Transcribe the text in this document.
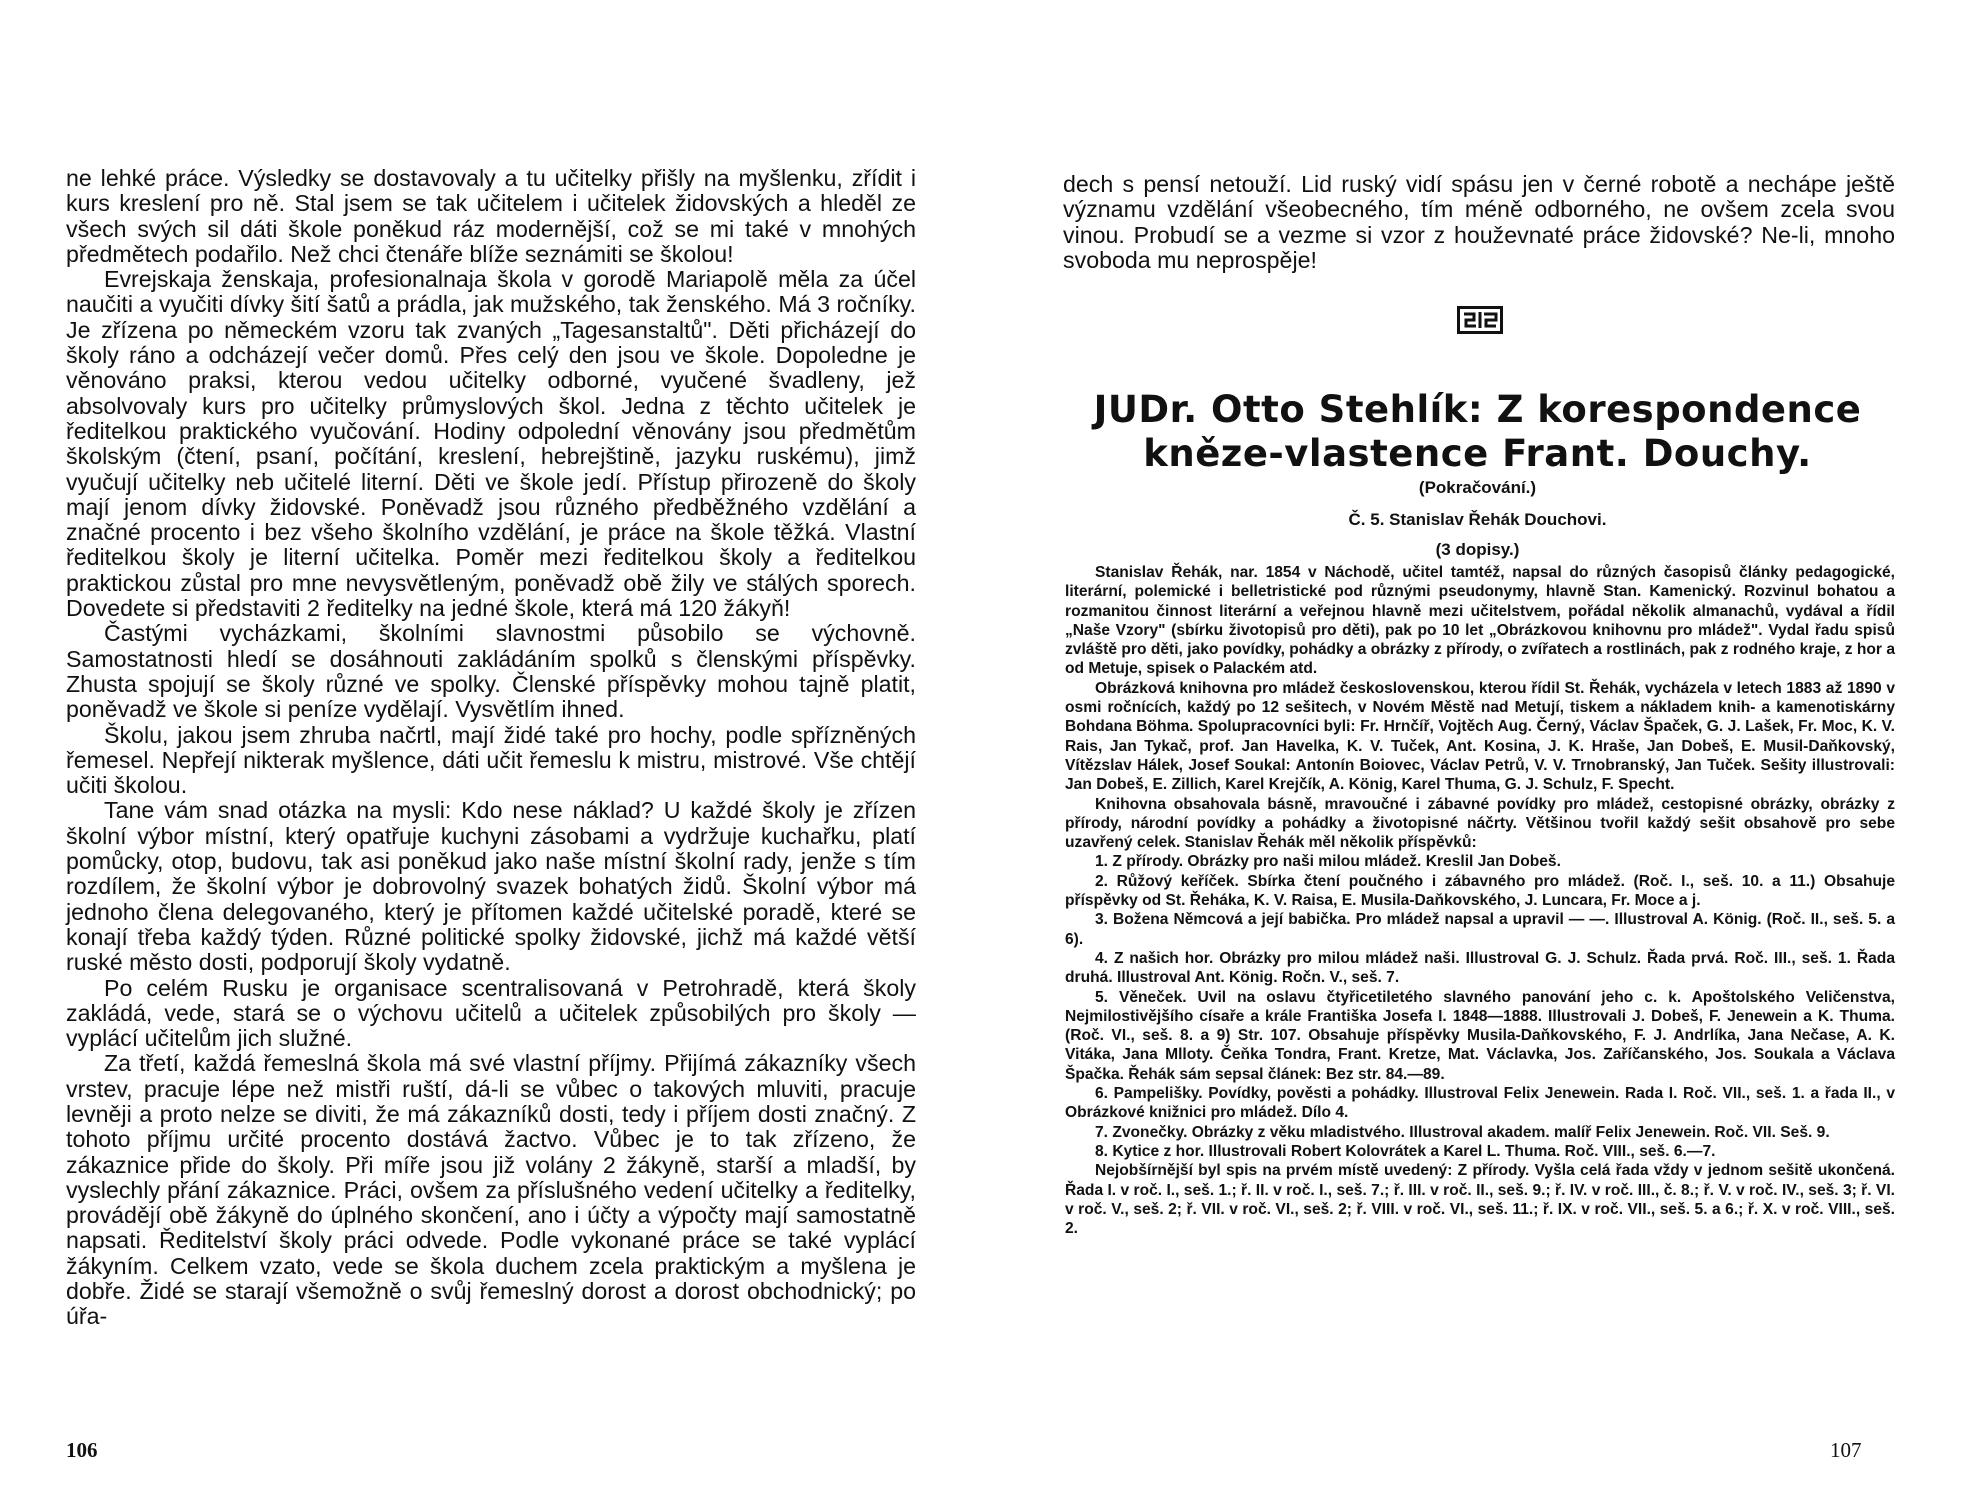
ne lehké práce. Výsledky se dostavovaly a tu učitelky přišly na myšlenku, zřídit i kurs kreslení pro ně. Stal jsem se tak učitelem i učitelek židovských a hleděl ze všech svých sil dáti škole poněkud ráz modernější, což se mi také v mnohých předmětech podařilo. Než chci čtenáře blíže seznámiti se školou!

Evrejskaja ženskaja, profesionalnaja škola v gorodě Mariapolě měla za účel naučiti a vyučiti dívky šití šatů a prádla, jak mužského, tak ženského. Má 3 ročníky. Je zřízena po německém vzoru tak zvaných „Tagesanstaltů". Děti přicházejí do školy ráno a odcházejí večer domů. Přes celý den jsou ve škole. Dopoledne je věnováno praksi, kterou vedou učitelky odborné, vyučené švadleny, jež absolvovaly kurs pro učitelky průmyslových škol. Jedna z těchto učitelek je ředitelkou praktického vyučování. Hodiny odpolední věnovány jsou předmětům školským (čtení, psaní, počítání, kreslení, hebrejštině, jazyku ruskému), jimž vyučují učitelky neb učitelé literní. Děti ve škole jedí. Přístup přirozeně do školy mají jenom dívky židovské. Poněvadž jsou různého předběžného vzdělání a značné procento i bez všeho školního vzdělání, je práce na škole těžká. Vlastní ředitelkou školy je literní učitelka. Poměr mezi ředitelkou školy a ředitelkou praktickou zůstal pro mne nevysvětleným, poněvadž obě žily ve stálých sporech. Dovedete si představiti 2 ředitelky na jedné škole, která má 120 žákyň!

Častými vycházkami, školními slavnostmi působilo se výchovně. Samostatnosti hledí se dosáhnouti zakládáním spolků s členskými příspěvky. Zhusta spojují se školy různé ve spolky. Členské příspěvky mohou tajně platit, poněvadž ve škole si peníze vydělají. Vysvětlím ihned.

Školu, jakou jsem zhruba načrtl, mají židé také pro hochy, podle spřízněných řemesel. Nepřejí nikterak myšlence, dáti učit řemeslu k mistru, mistrové. Vše chtějí učiti školou.

Tane vám snad otázka na mysli: Kdo nese náklad? U každé školy je zřízen školní výbor místní, který opatřuje kuchyni zásobami a vydržuje kuchařku, platí pomůcky, otop, budovu, tak asi poněkud jako naše místní školní rady, jenže s tím rozdílem, že školní výbor je dobrovolný svazek bohatých židů. Školní výbor má jednoho člena delegovaného, který je přítomen každé učitelské poradě, které se konají třeba každý týden. Různé politické spolky židovské, jichž má každé větší ruské město dosti, podporují školy vydatně.

Po celém Rusku je organisace scentralisovaná v Petrohradě, která školy zakládá, vede, stará se o výchovu učitelů a učitelek způsobilých pro školy — vyplácí učitelům jich služné.

Za třetí, každá řemeslná škola má své vlastní příjmy. Přijímá zákazníky všech vrstev, pracuje lépe než mistři ruští, dá-li se vůbec o takových mluviti, pracuje levněji a proto nelze se diviti, že má zákazníků dosti, tedy i příjem dosti značný. Z tohoto příjmu určité procento dostává žactvo. Vůbec je to tak zřízeno, že zákaznice přide do školy. Při míře jsou již volány 2 žákyně, starší a mladší, by vyslechly přání zákaznice. Práci, ovšem za příslušného vedení učitelky a ředitelky, provádějí obě žákyně do úplného skončení, ano i účty a výpočty mají samostatně napsati. Ředitelství školy práci odvede. Podle vykonané práce se také vyplácí žákyním. Celkem vzato, vede se škola duchem zcela praktickým a myšlena je dobře. Židé se starají všemožně o svůj řemeslný dorost a dorost obchodnický; po úřa-

106

dech s pensí netouží. Lid ruský vidí spásu jen v černé robotě a nechápe ještě významu vzdělání všeobecného, tím méně odborného, ne ovšem zcela svou vinou. Probudí se a vezme si vzor z houževnaté práce židovské? Ne-li, mnoho svoboda mu neprospěje!

JUDr. Otto Stehlík: Z korespondence
kněze-vlastence Frant. Douchy.
(Pokračování.)
Č. 5. Stanislav Řehák Douchovi.
(3 dopisy.)

Stanislav Řehák, nar. 1854 v Náchodě, učitel tamtéž, napsal do různých časopisů články pedagogické, literární, polemické i belletristické pod různými pseudonymy, hlavně Stan. Kamenický. Rozvinul bohatou a rozmanitou činnost literární a veřejnou hlavně mezi učitelstvem, pořádal několik almanachů, vydával a řídil „Naše Vzory" (sbírku životopisů pro děti), pak po 10 let „Obrázkovou knihovnu pro mládež". Vydal řadu spisů zvláště pro děti, jako povídky, pohádky a obrázky z přírody, o zvířatech a rostlinách, pak z rodného kraje, z hor a od Metuje, spisek o Palackém atd.

Obrázková knihovna pro mládež československou, kterou řídil St. Řehák, vycházela v letech 1883 až 1890 v osmi ročnících, každý po 12 sešitech, v Novém Městě nad Metují, tiskem a nákladem knih- a kamenotiskárny Bohdana Böhma. Spolupracovníci byli: Fr. Hrnčíř, Vojtěch Aug. Černý, Václav Špaček, G. J. Lašek, Fr. Moc, K. V. Rais, Jan Tykač, prof. Jan Havelka, K. V. Tuček, Ant. Kosina, J. K. Hraše, Jan Dobeš, E. Musil-Daňkovský, Vítězslav Hálek, Josef Soukal: Antonín Boiovec, Václav Petrů, V. V. Trnobranský, Jan Tuček. Sešity illustrovali: Jan Dobeš, E. Zillich, Karel Krejčík, A. König, Karel Thuma, G. J. Schulz, F. Specht.

Knihovna obsahovala básně, mravoučné i zábavné povídky pro mládež, cestopisné obrázky, obrázky z přírody, národní povídky a pohádky a životopisné náčrty. Většinou tvořil každý sešit obsahově pro sebe uzavřený celek. Stanislav Řehák měl několik příspěvků:

1. Z přírody. Obrázky pro naši milou mládež. Kreslil Jan Dobeš.

2. Růžový keříček. Sbírka čtení poučného i zábavného pro mládež. (Roč. I., seš. 10. a 11.) Obsahuje příspěvky od St. Řeháka, K. V. Raisa, E. Musila-Daňkovského, J. Luncara, Fr. Moce a j.

3. Božena Němcová a její babička. Pro mládež napsal a upravil — —. Illustroval A. König. (Roč. II., seš. 5. a 6).

4. Z našich hor. Obrázky pro milou mládež naši. Illustroval G. J. Schulz. Řada prvá. Roč. III., seš. 1. Řada druhá. Illustroval Ant. König. Ročn. V., seš. 7.

5. Věneček. Uvil na oslavu čtyřicetiletého slavného panování jeho c. k. Apoštolského Veličenstva, Nejmilostivějšího císaře a krále Františka Josefa I. 1848—1888. Illustrovali J. Dobeš, F. Jenewein a K. Thuma. (Roč. VI., seš. 8. a 9) Str. 107. Obsahuje příspěvky Musila-Daňkovského, F. J. Andrlíka, Jana Nečase, A. K. Vitáka, Jana Mlloty. Čeňka Tondra, Frant. Kretze, Mat. Václavka, Jos. Zaříčanského, Jos. Soukala a Václava Špačka. Řehák sám sepsal článek: Bez str. 84.—89.

6. Pampelišky. Povídky, pověsti a pohádky. Illustroval Felix Jenewein. Rada I. Roč. VII., seš. 1. a řada II., v Obrázkové knižnici pro mládež. Dílo 4.

7. Zvonečky. Obrázky z věku mladistvého. Illustroval akadem. malíř Felix Jenewein. Roč. VII. Seš. 9.

8. Kytice z hor. Illustrovali Robert Kolovrátek a Karel L. Thuma. Roč. VIII., seš. 6.—7.

Nejobšírnější byl spis na prvém místě uvedený: Z přírody. Vyšla celá řada vždy v jednom sešitě ukončená. Řada I. v roč. I., seš. 1.; ř. II. v roč. I., seš. 7.; ř. III. v roč. II., seš. 9.; ř. IV. v roč. III., č. 8.; ř. V. v roč. IV., seš. 3; ř. VI. v roč. V., seš. 2; ř. VII. v roč. VI., seš. 2; ř. VIII. v roč. VI., seš. 11.; ř. IX. v roč. VII., seš. 5. a 6.; ř. X. v roč. VIII., seš. 2.

107
